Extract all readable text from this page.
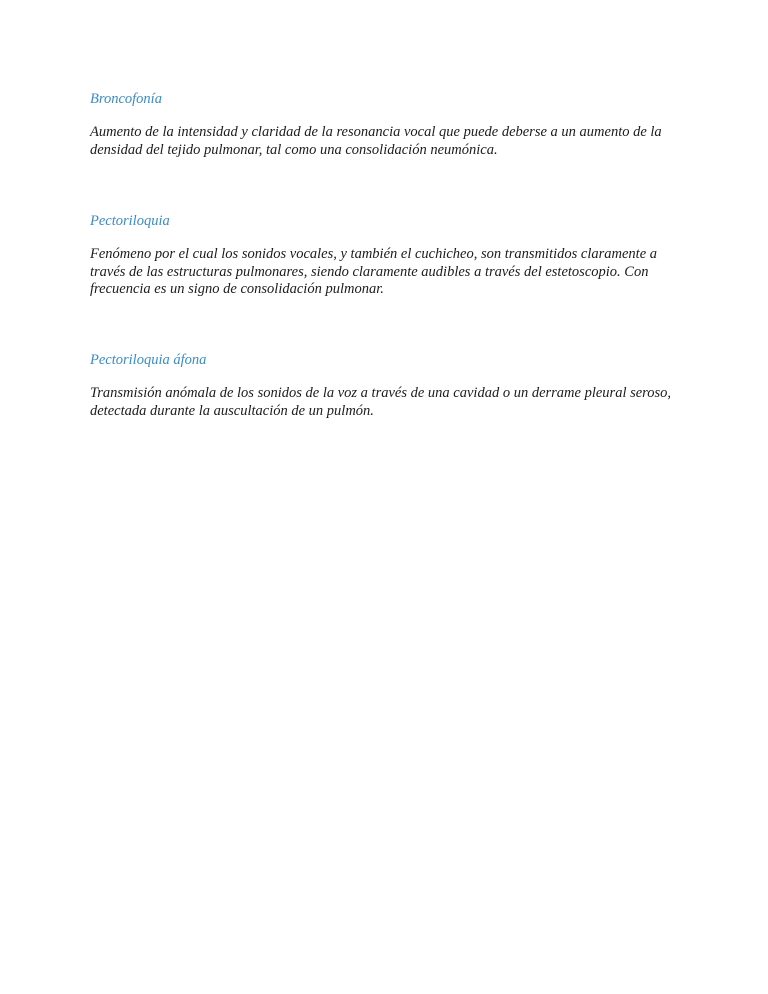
Broncofonía

Aumento de la intensidad y claridad de la resonancia vocal que puede deberse a un aumento de la densidad del tejido pulmonar, tal como una consolidación neumónica.

Pectoriloquia

Fenómeno por el cual los sonidos vocales, y también el cuchicheo, son transmitidos claramente a través de las estructuras pulmonares, siendo claramente audibles a través del estetoscopio. Con frecuencia es un signo de consolidación pulmonar.

Pectoriloquia áfona

Transmisión anómala de los sonidos de la voz a través de una cavidad o un derrame pleural seroso, detectada durante la auscultación de un pulmón.
